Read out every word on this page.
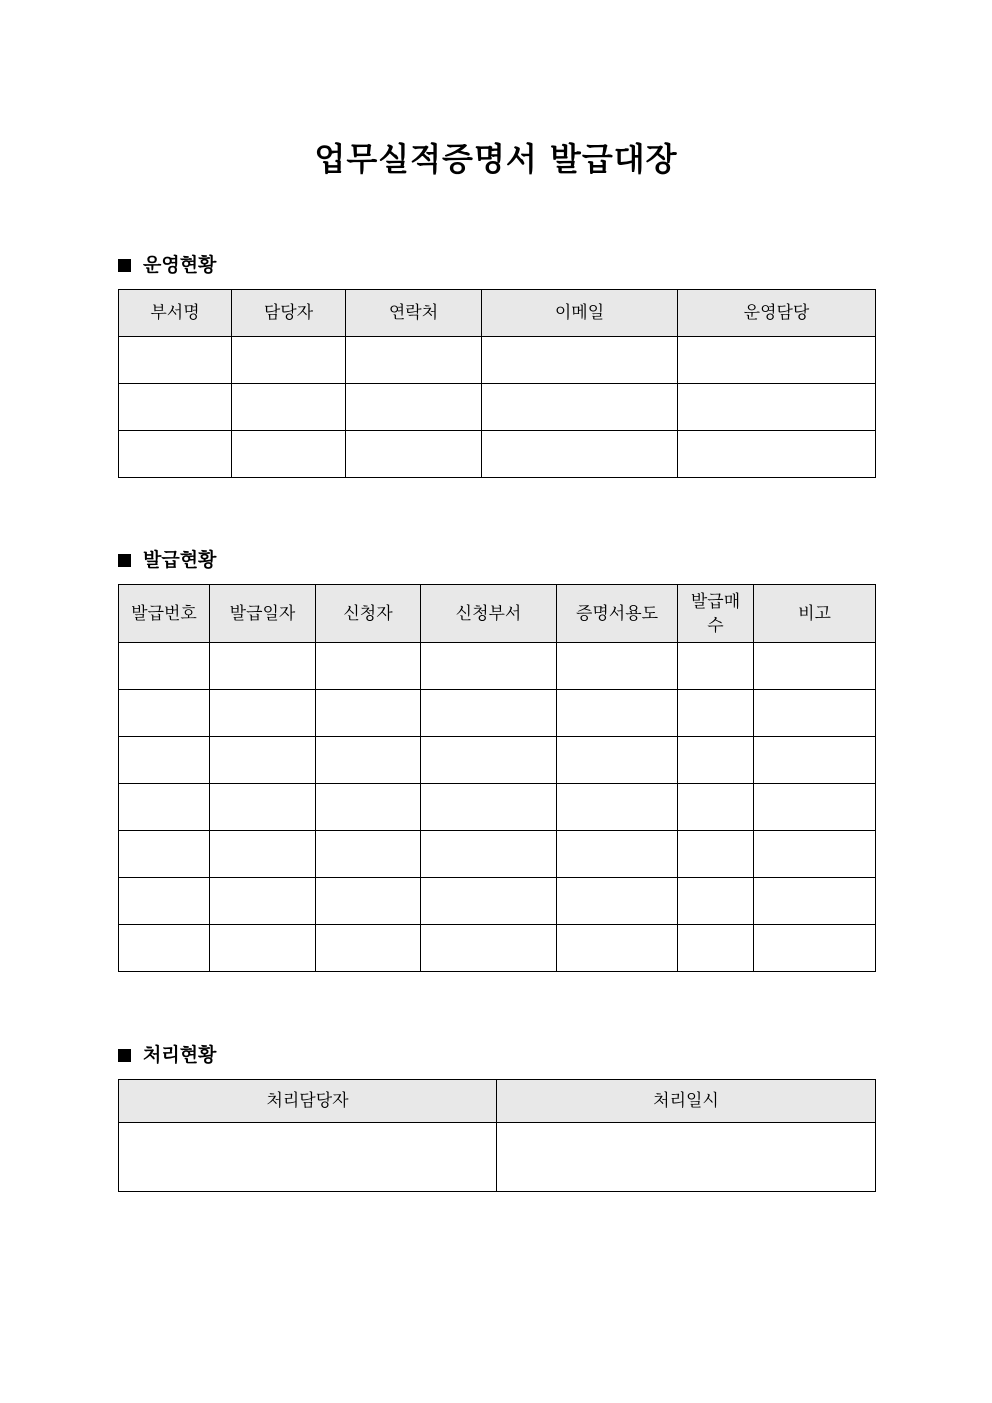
업무실적증명서 발급대장
운영현황
부서명	담당자	연락처	이메일	운영담당

발급현황
발급번호	발급일자	신청자	신청부서	증명서용도	발급매수	비고

처리현황
처리담당자	처리일시
